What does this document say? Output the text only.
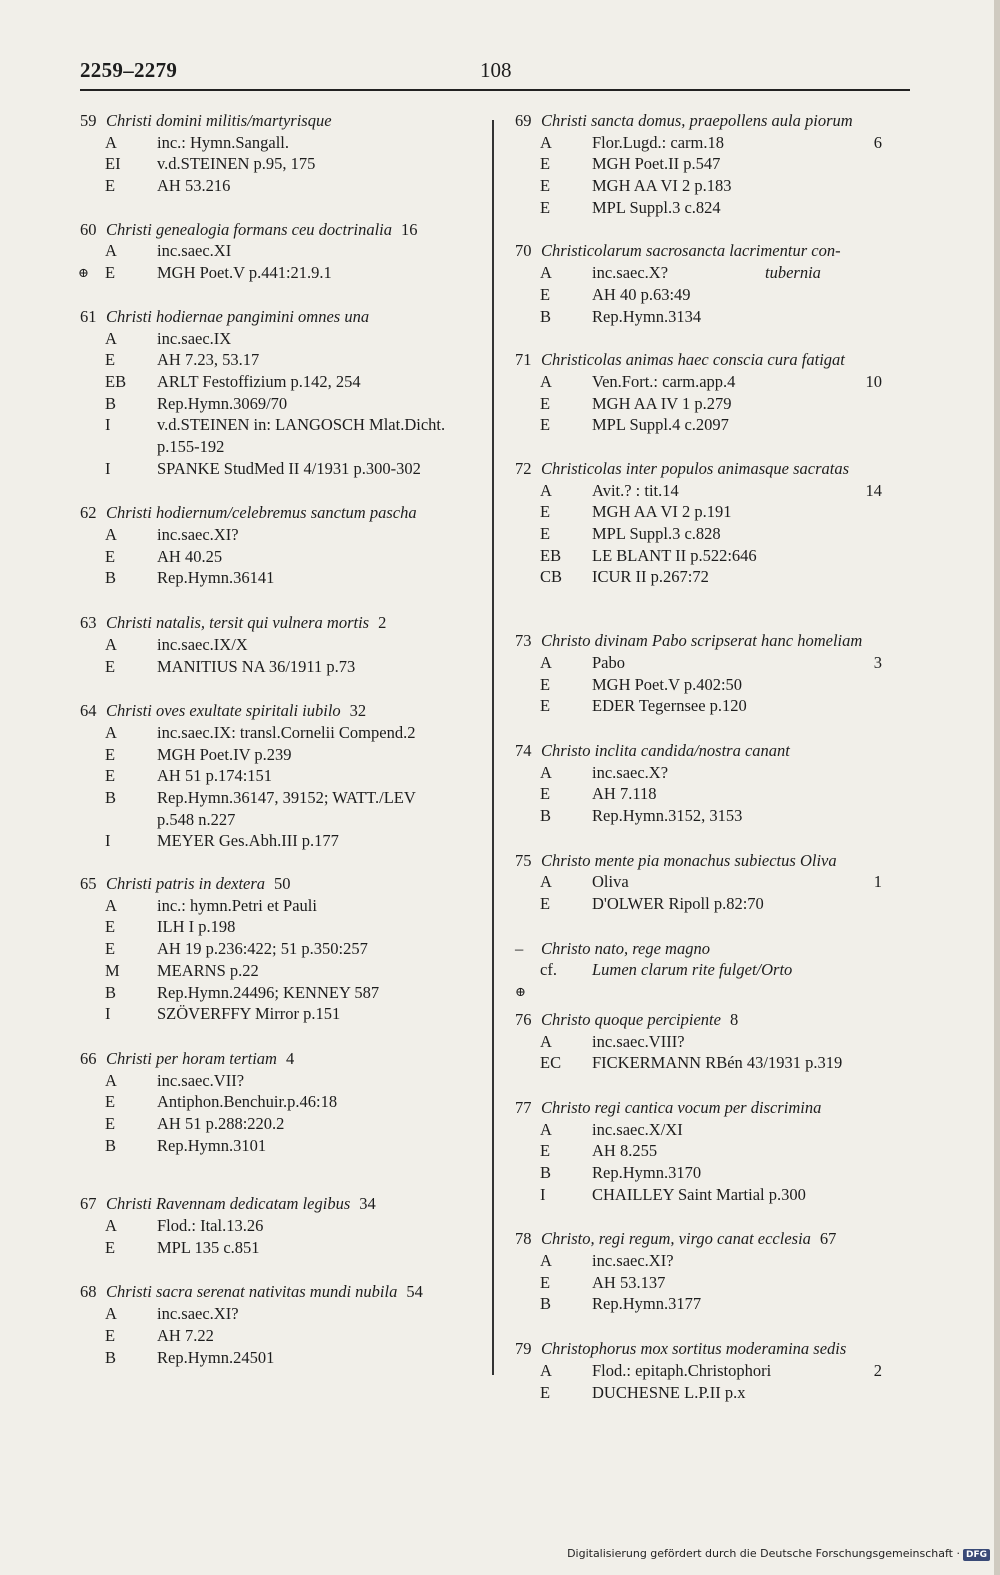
2259–2279	108
59 Christi domini militis/martyrisque
A inc.: Hymn.Sangall.
EI v.d.STEINEN p.95, 175
E	AH 53.216
60 Christi genealogia formans ceu doctrinalia 16
A inc.saec.XI
⊕ E	MGH Poet.V p.441:21.9.1
61 Christi hodiernae pangimini omnes una
A inc.saec.IX
E	AH 7.23, 53.17
EB ARLT Festoffizium p.142, 254
B Rep.Hymn.3069/70
I	v.d.STEINEN in: LANGOSCH Mlat.Dicht.
p.155-192
I	SPANKE StudMed II 4/1931 p.300-302
62 Christi hodiernum/celebremus sanctum pascha
A inc.saec.XI?
E	AH 40.25
B Rep.Hymn.36141
63 Christi natalis, tersit qui vulnera mortis 2
A inc.saec.IX/X
E	MANITIUS NA 36/1911 p.73
64 Christi oves exultate spiritali iubilo 32
A inc.saec.IX: transl.Cornelii Compend.2
E	MGH Poet.IV p.239
E	AH 51 p.174:151
B Rep.Hymn.36147, 39152; WATT./LEV
p.548 n.227
I	MEYER Ges.Abh.III p.177
65 Christi patris in dextera 50
A inc.: hymn.Petri et Pauli
E	ILH I p.198
E	AH 19 p.236:422; 51 p.350:257
M MEARNS p.22
B Rep.Hymn.24496; KENNEY 587
I	SZÖVERFFY Mirror p.151
66 Christi per horam tertiam 4
A inc.saec.VII?
E	Antiphon.Benchuir.p.46:18
E	AH 51 p.288:220.2
B Rep.Hymn.3101
67 Christi Ravennam dedicatam legibus 34
A Flod.: Ital.13.26
E	MPL 135 c.851
68 Christi sacra serenat nativitas mundi nubila 54
A inc.saec.XI?
E	AH 7.22
B Rep.Hymn.24501
69 Christi sancta domus, praepollens aula piorum
A Flor.Lugd.: carm.18	6
E	MGH Poet.II p.547
E	MGH AA VI 2 p.183
E	MPL Suppl.3 c.824
70 Christicolarum sacrosancta lacrimentur con-
A inc.saec.X?	tubernia
E	AH 40 p.63:49
B Rep.Hymn.3134
71 Christicolas animas haec conscia cura fatigat
A Ven.Fort.: carm.app.4	10
E	MGH AA IV 1 p.279
E	MPL Suppl.4 c.2097
72 Christicolas inter populos animasque sacratas
A Avit.? : tit.14	14
E	MGH AA VI 2 p.191
E	MPL Suppl.3 c.828
EB LE BLANT II p.522:646
CB ICUR II p.267:72
73 Christo divinam Pabo scripserat hanc homeliam
A Pabo	3
E	MGH Poet.V p.402:50
E	EDER Tegernsee p.120
74 Christo inclita candida/nostra canant
A inc.saec.X?
E	AH 7.118
B Rep.Hymn.3152, 3153
75 Christo mente pia monachus subiectus Oliva
A Oliva	1
E	D'OLWER Ripoll p.82:70
– Christo nato, rege magno
cf. Lumen clarum rite fulget/Orto
⊕
76 Christo quoque percipiente 8
A inc.saec.VIII?
EC FICKERMANN RBén 43/1931 p.319
77 Christo regi cantica vocum per discrimina
A inc.saec.X/XI
E	AH 8.255
B Rep.Hymn.3170
I	CHAILLEY Saint Martial p.300
78 Christo, regi regum, virgo canat ecclesia 67
A inc.saec.XI?
E	AH 53.137
B Rep.Hymn.3177
79 Christophorus mox sortitus moderamina sedis
A Flod.: epitaph.Christophori	2
E	DUCHESNE L.P.II p.x
Digitalisierung gefördert durch die Deutsche Forschungsgemeinschaft · DFG
